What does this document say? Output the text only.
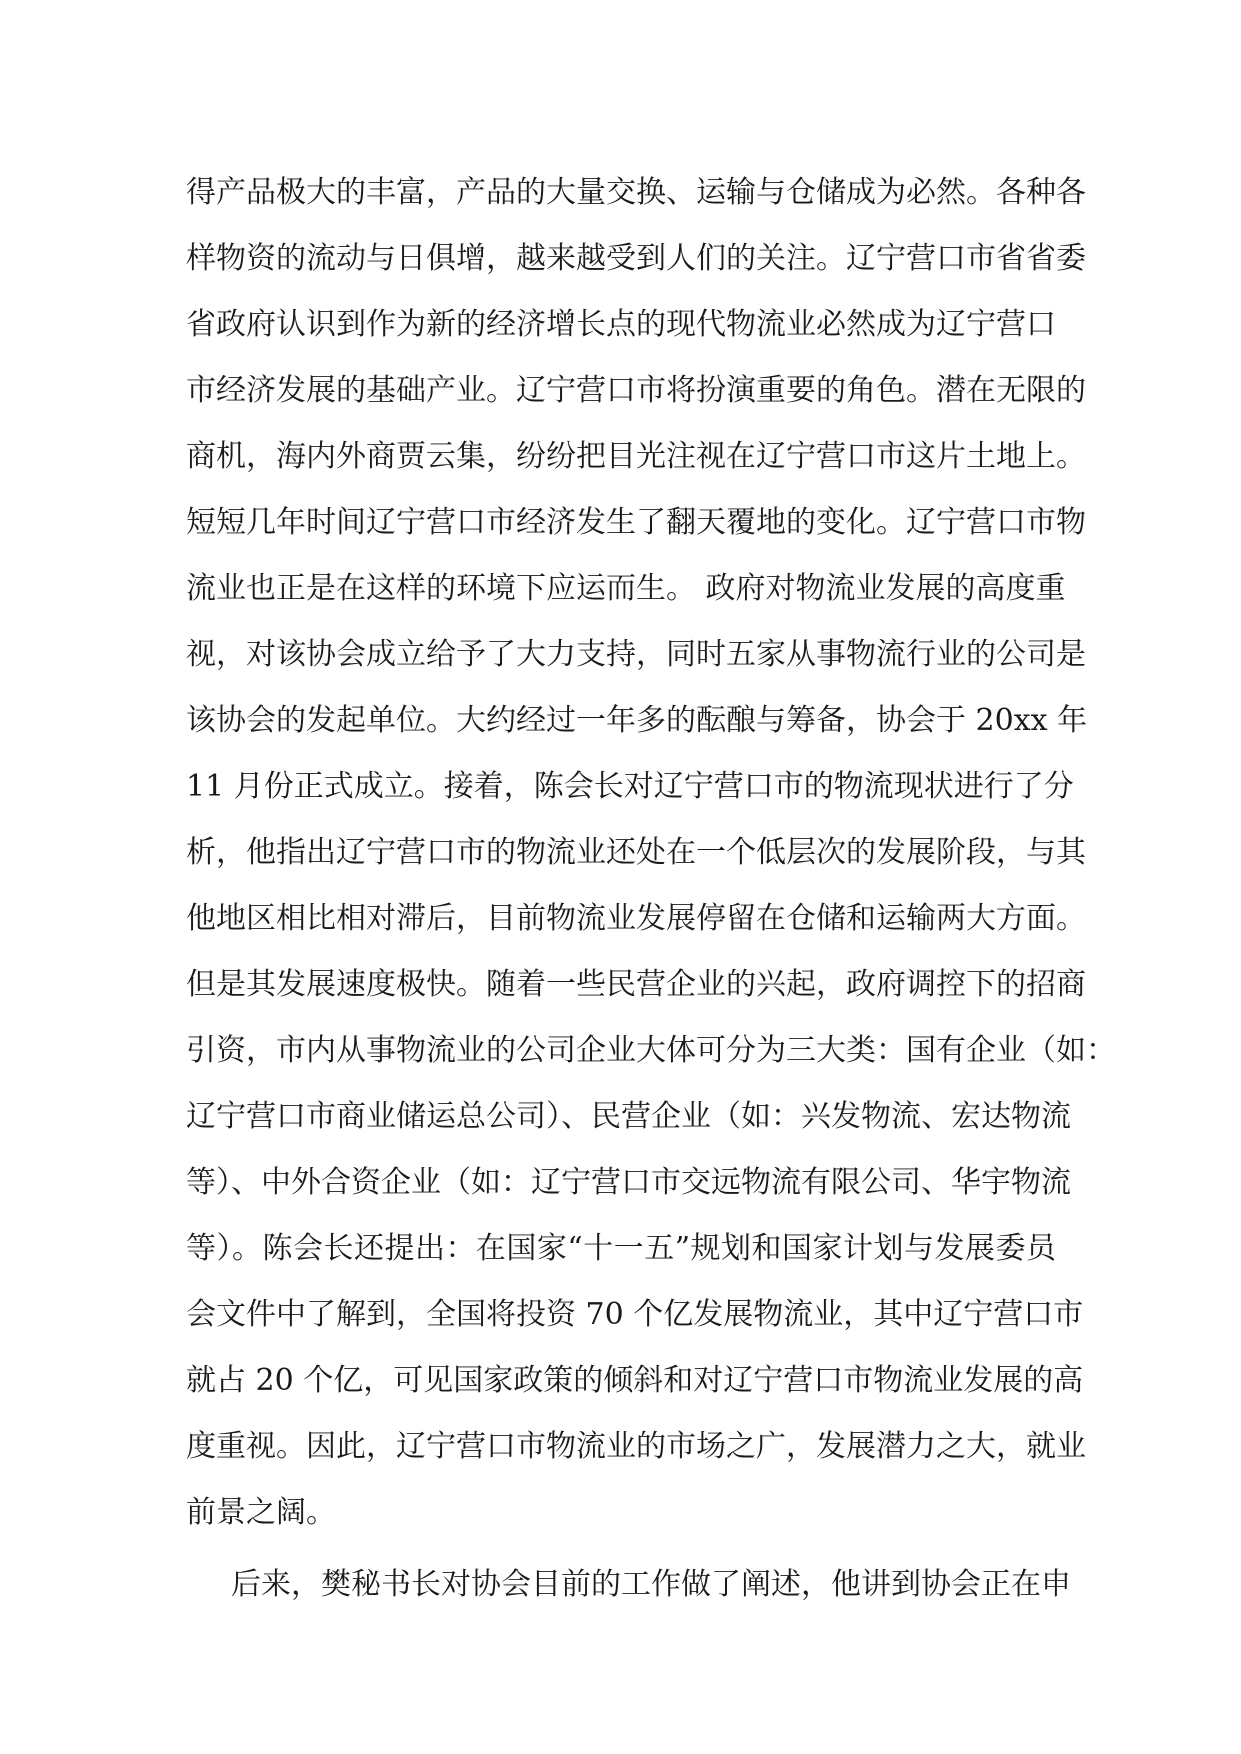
得产品极大的丰富，产品的大量交换、运输与仓储成为必然。各种各
样物资的流动与日俱增，越来越受到人们的关注。辽宁营口市省省委
省政府认识到作为新的经济增长点的现代物流业必然成为辽宁营口
市经济发展的基础产业。辽宁营口市将扮演重要的角色。潜在无限的
商机，海内外商贾云集，纷纷把目光注视在辽宁营口市这片土地上。
短短几年时间辽宁营口市经济发生了翻天覆地的变化。辽宁营口市物
流业也正是在这样的环境下应运而生。 政府对物流业发展的高度重
视，对该协会成立给予了大力支持，同时五家从事物流行业的公司是
该协会的发起单位。大约经过一年多的酝酿与筹备，协会于 20xx 年
11 月份正式成立。接着，陈会长对辽宁营口市的物流现状进行了分
析，他指出辽宁营口市的物流业还处在一个低层次的发展阶段，与其
他地区相比相对滞后，目前物流业发展停留在仓储和运输两大方面。
但是其发展速度极快。随着一些民营企业的兴起，政府调控下的招商
引资，市内从事物流业的公司企业大体可分为三大类：国有企业（如：
辽宁营口市商业储运总公司）、民营企业（如：兴发物流、宏达物流
等）、中外合资企业（如：辽宁营口市交远物流有限公司、华宇物流
等）。陈会长还提出：在国家“十一五”规划和国家计划与发展委员
会文件中了解到，全国将投资 70 个亿发展物流业，其中辽宁营口市
就占 20 个亿，可见国家政策的倾斜和对辽宁营口市物流业发展的高
度重视。因此，辽宁营口市物流业的市场之广，发展潜力之大，就业
前景之阔。
后来，樊秘书长对协会目前的工作做了阐述，他讲到协会正在申
